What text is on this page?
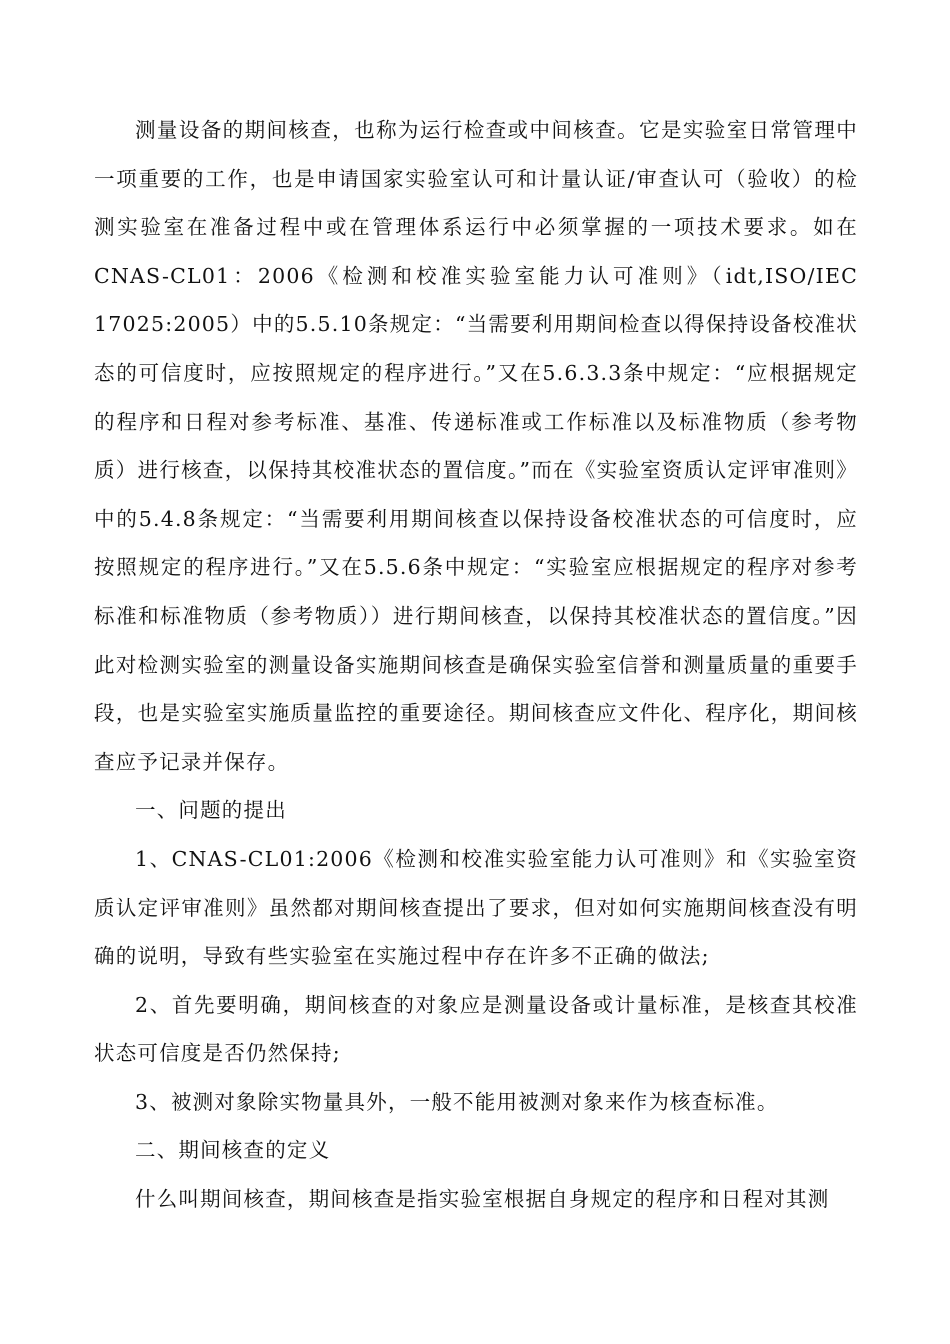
测量设备的期间核查，也称为运行检查或中间核查。它是实验室日常管理中一项重要的工作，也是申请国家实验室认可和计量认证/审查认可（验收）的检测实验室在准备过程中或在管理体系运行中必须掌握的一项技术要求。如在 CNAS-CL01：2006《检测和校准实验室能力认可准则》（idt,ISO/IEC 17025:2005）中的5.5.10条规定：“当需要利用期间检查以得保持设备校准状态的可信度时，应按照规定的程序进行。”又在5.6.3.3条中规定：“应根据规定的程序和日程对参考标准、基准、传递标准或工作标准以及标准物质（参考物质）进行核查，以保持其校准状态的置信度。”而在《实验室资质认定评审准则》中的5.4.8条规定：“当需要利用期间核查以保持设备校准状态的可信度时，应按照规定的程序进行。”又在5.5.6条中规定：“实验室应根据规定的程序对参考标准和标准物质（参考物质））进行期间核查，以保持其校准状态的置信度。”因此对检测实验室的测量设备实施期间核查是确保实验室信誉和测量质量的重要手段，也是实验室实施质量监控的重要途径。期间核查应文件化、程序化，期间核查应予记录并保存。

一、问题的提出

1、CNAS-CL01:2006《检测和校准实验室能力认可准则》和《实验室资质认定评审准则》虽然都对期间核查提出了要求，但对如何实施期间核查没有明确的说明，导致有些实验室在实施过程中存在许多不正确的做法;

2、首先要明确，期间核查的对象应是测量设备或计量标准，是核查其校准状态可信度是否仍然保持;

3、被测对象除实物量具外，一般不能用被测对象来作为核查标准。

二、期间核查的定义

什么叫期间核查，期间核查是指实验室根据自身规定的程序和日程对其测
